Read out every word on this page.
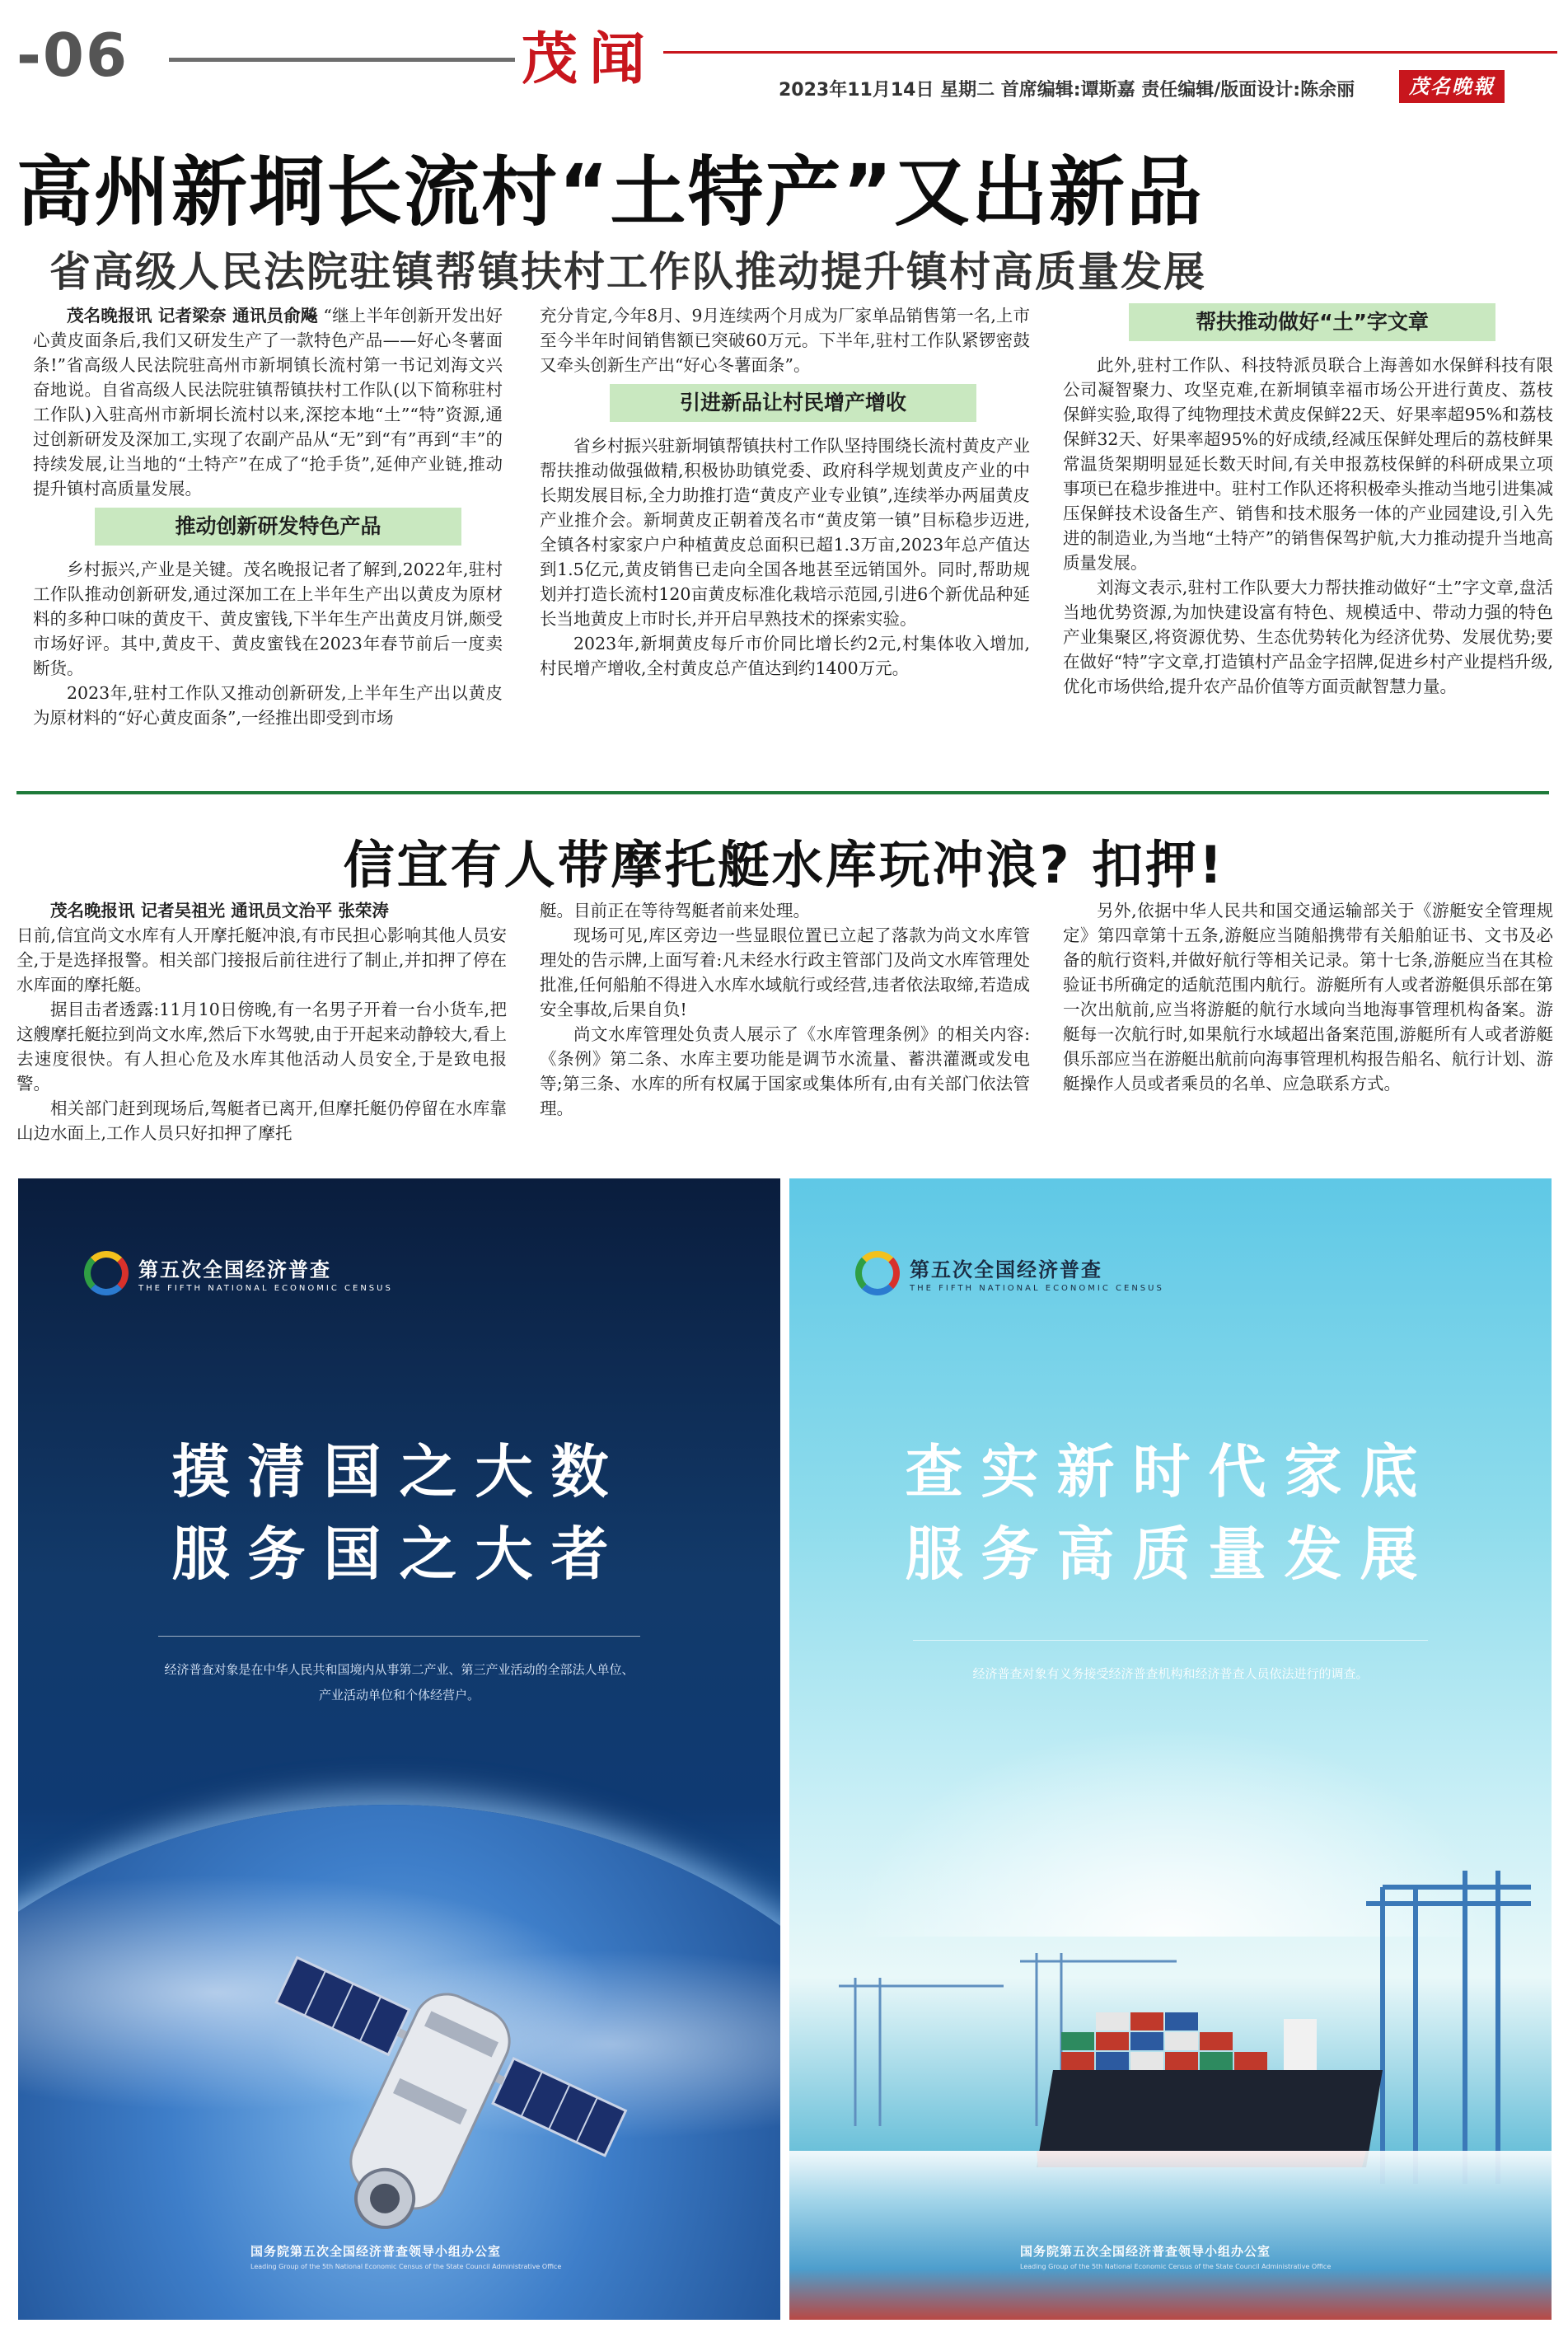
-06	茂闻	2023年11月14日 星期二 首席编辑:谭斯嘉 责任编辑/版面设计:陈余丽	茂名晚報
高州新垌长流村“土特产”又出新品
省高级人民法院驻镇帮镇扶村工作队推动提升镇村高质量发展

茂名晚报讯 记者梁奈 通讯员俞飚 “继上半年创新开发出好心黄皮面条后,我们又研发生产了一款特色产品——好心冬薯面条!”省高级人民法院驻高州市新垌镇长流村第一书记刘海文兴奋地说。自省高级人民法院驻镇帮镇扶村工作队(以下简称驻村工作队)入驻高州市新垌长流村以来,深挖本地“土”“特”资源,通过创新研发及深加工,实现了农副产品从“无”到“有”再到“丰”的持续发展,让当地的“土特产”在成了“抢手货”,延伸产业链,推动提升镇村高质量发展。

推动创新研发特色产品

乡村振兴,产业是关键。茂名晚报记者了解到,2022年,驻村工作队推动创新研发,通过深加工在上半年生产出以黄皮为原材料的多种口味的黄皮干、黄皮蜜钱,下半年生产出黄皮月饼,颇受市场好评。其中,黄皮干、黄皮蜜钱在2023年春节前后一度卖断货。

2023年,驻村工作队又推动创新研发,上半年生产出以黄皮为原材料的“好心黄皮面条”,一经推出即受到市场

充分肯定,今年8月、9月连续两个月成为厂家单品销售第一名,上市至今半年时间销售额已突破60万元。下半年,驻村工作队紧锣密鼓又牵头创新生产出“好心冬薯面条”。

引进新品让村民增产增收

省乡村振兴驻新垌镇帮镇扶村工作队坚持围绕长流村黄皮产业帮扶推动做强做精,积极协助镇党委、政府科学规划黄皮产业的中长期发展目标,全力助推打造“黄皮产业专业镇”,连续举办两届黄皮产业推介会。新垌黄皮正朝着茂名市“黄皮第一镇”目标稳步迈进,全镇各村家家户户种植黄皮总面积已超1.3万亩,2023年总产值达到1.5亿元,黄皮销售已走向全国各地甚至远销国外。同时,帮助规划并打造长流村120亩黄皮标准化栽培示范园,引进6个新优品种延长当地黄皮上市时长,并开启早熟技术的探索实验。

2023年,新垌黄皮每斤市价同比增长约2元,村集体收入增加,村民增产增收,全村黄皮总产值达到约1400万元。

帮扶推动做好“土”字文章

此外,驻村工作队、科技特派员联合上海善如水保鲜科技有限公司凝智聚力、攻坚克难,在新垌镇幸福市场公开进行黄皮、荔枝保鲜实验,取得了纯物理技术黄皮保鲜22天、好果率超95%和荔枝保鲜32天、好果率超95%的好成绩,经减压保鲜处理后的荔枝鲜果常温货架期明显延长数天时间,有关申报荔枝保鲜的科研成果立项事项已在稳步推进中。驻村工作队还将积极牵头推动当地引进集减压保鲜技术设备生产、销售和技术服务一体的产业园建设,引入先进的制造业,为当地“土特产”的销售保驾护航,大力推动提升当地高质量发展。

刘海文表示,驻村工作队要大力帮扶推动做好“土”字文章,盘活当地优势资源,为加快建设富有特色、规模适中、带动力强的特色产业集聚区,将资源优势、生态优势转化为经济优势、发展优势;要在做好“特”字文章,打造镇村产品金字招牌,促进乡村产业提档升级,优化市场供给,提升农产品价值等方面贡献智慧力量。

信宜有人带摩托艇水库玩冲浪? 扣押!

茂名晚报讯 记者吴祖光 通讯员文治平 张荣涛

日前,信宜尚文水库有人开摩托艇冲浪,有市民担心影响其他人员安全,于是选择报警。相关部门接报后前往进行了制止,并扣押了停在水库面的摩托艇。

据目击者透露:11月10日傍晚,有一名男子开着一台小货车,把这艘摩托艇拉到尚文水库,然后下水驾驶,由于开起来动静较大,看上去速度很快。有人担心危及水库其他活动人员安全,于是致电报警。

相关部门赶到现场后,驾艇者已离开,但摩托艇仍停留在水库靠山边水面上,工作人员只好扣押了摩托

艇。目前正在等待驾艇者前来处理。

现场可见,库区旁边一些显眼位置已立起了落款为尚文水库管理处的告示牌,上面写着:凡未经水行政主管部门及尚文水库管理处批准,任何船舶不得进入水库水域航行或经营,违者依法取缔,若造成安全事故,后果自负!

尚文水库管理处负责人展示了《水库管理条例》的相关内容:《条例》第二条、水库主要功能是调节水流量、蓄洪灌溉或发电等;第三条、水库的所有权属于国家或集体所有,由有关部门依法管理。

另外,依据中华人民共和国交通运输部关于《游艇安全管理规定》第四章第十五条,游艇应当随船携带有关船舶证书、文书及必备的航行资料,并做好航行等相关记录。第十七条,游艇应当在其检验证书所确定的适航范围内航行。游艇所有人或者游艇俱乐部在第一次出航前,应当将游艇的航行水域向当地海事管理机构备案。游艇每一次航行时,如果航行水域超出备案范围,游艇所有人或者游艇俱乐部应当在游艇出航前向海事管理机构报告船名、航行计划、游艇操作人员或者乘员的名单、应急联系方式。

第五次全国经济普查
THE FIFTH NATIONAL ECONOMIC CENSUS
摸清国之大数
服务国之大者
经济普查对象是在中华人民共和国境内从事第二产业、第三产业活动的全部法人单位、
产业活动单位和个体经营户。
国务院第五次全国经济普查领导小组办公室
Leading Group of the 5th National Economic Census of the State Council Administrative Office
第五次全国经济普查
THE FIFTH NATIONAL ECONOMIC CENSUS
查实新时代家底
服务高质量发展
经济普查对象有义务接受经济普查机构和经济普查人员依法进行的调查。
国务院第五次全国经济普查领导小组办公室
Leading Group of the 5th National Economic Census of the State Council Administrative Office
